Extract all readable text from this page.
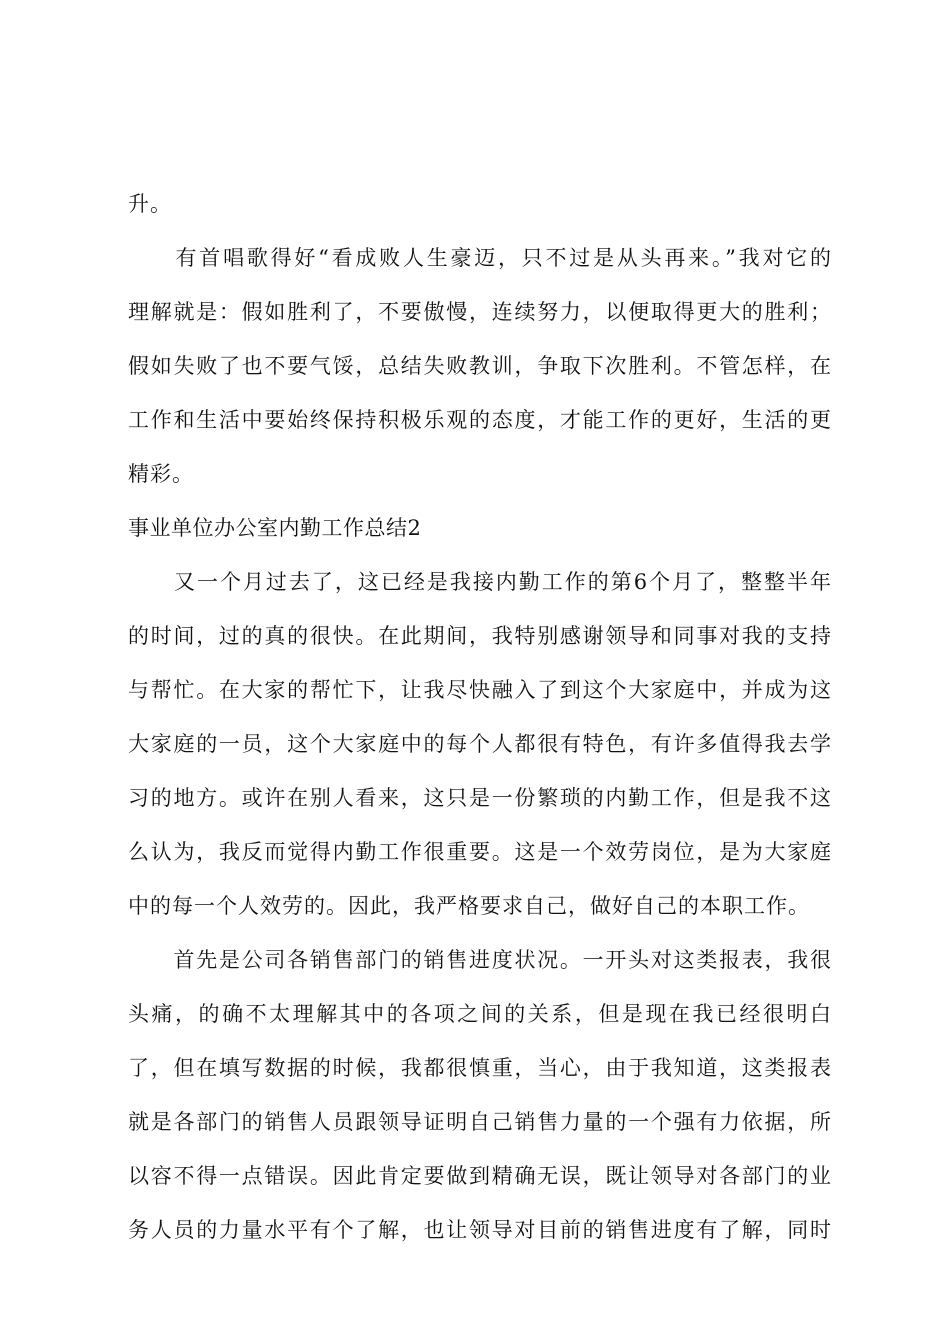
升。
　　有首唱歌得好“看成败人生豪迈，只不过是从头再来。”我对它的
理解就是：假如胜利了，不要傲慢，连续努力，以便取得更大的胜利；
假如失败了也不要气馁，总结失败教训，争取下次胜利。不管怎样，在
工作和生活中要始终保持积极乐观的态度，才能工作的更好，生活的更
精彩。
事业单位办公室内勤工作总结2
　　又一个月过去了，这已经是我接内勤工作的第6个月了，整整半年
的时间，过的真的很快。在此期间，我特别感谢领导和同事对我的支持
与帮忙。在大家的帮忙下，让我尽快融入了到这个大家庭中，并成为这
大家庭的一员，这个大家庭中的每个人都很有特色，有许多值得我去学
习的地方。或许在别人看来，这只是一份繁琐的内勤工作，但是我不这
么认为，我反而觉得内勤工作很重要。这是一个效劳岗位，是为大家庭
中的每一个人效劳的。因此，我严格要求自己，做好自己的本职工作。
　　首先是公司各销售部门的销售进度状况。一开头对这类报表，我很
头痛，的确不太理解其中的各项之间的关系，但是现在我已经很明白
了，但在填写数据的时候，我都很慎重，当心，由于我知道，这类报表
就是各部门的销售人员跟领导证明自己销售力量的一个强有力依据，所
以容不得一点错误。因此肯定要做到精确无误，既让领导对各部门的业
务人员的力量水平有个了解，也让领导对目前的销售进度有了解，同时
